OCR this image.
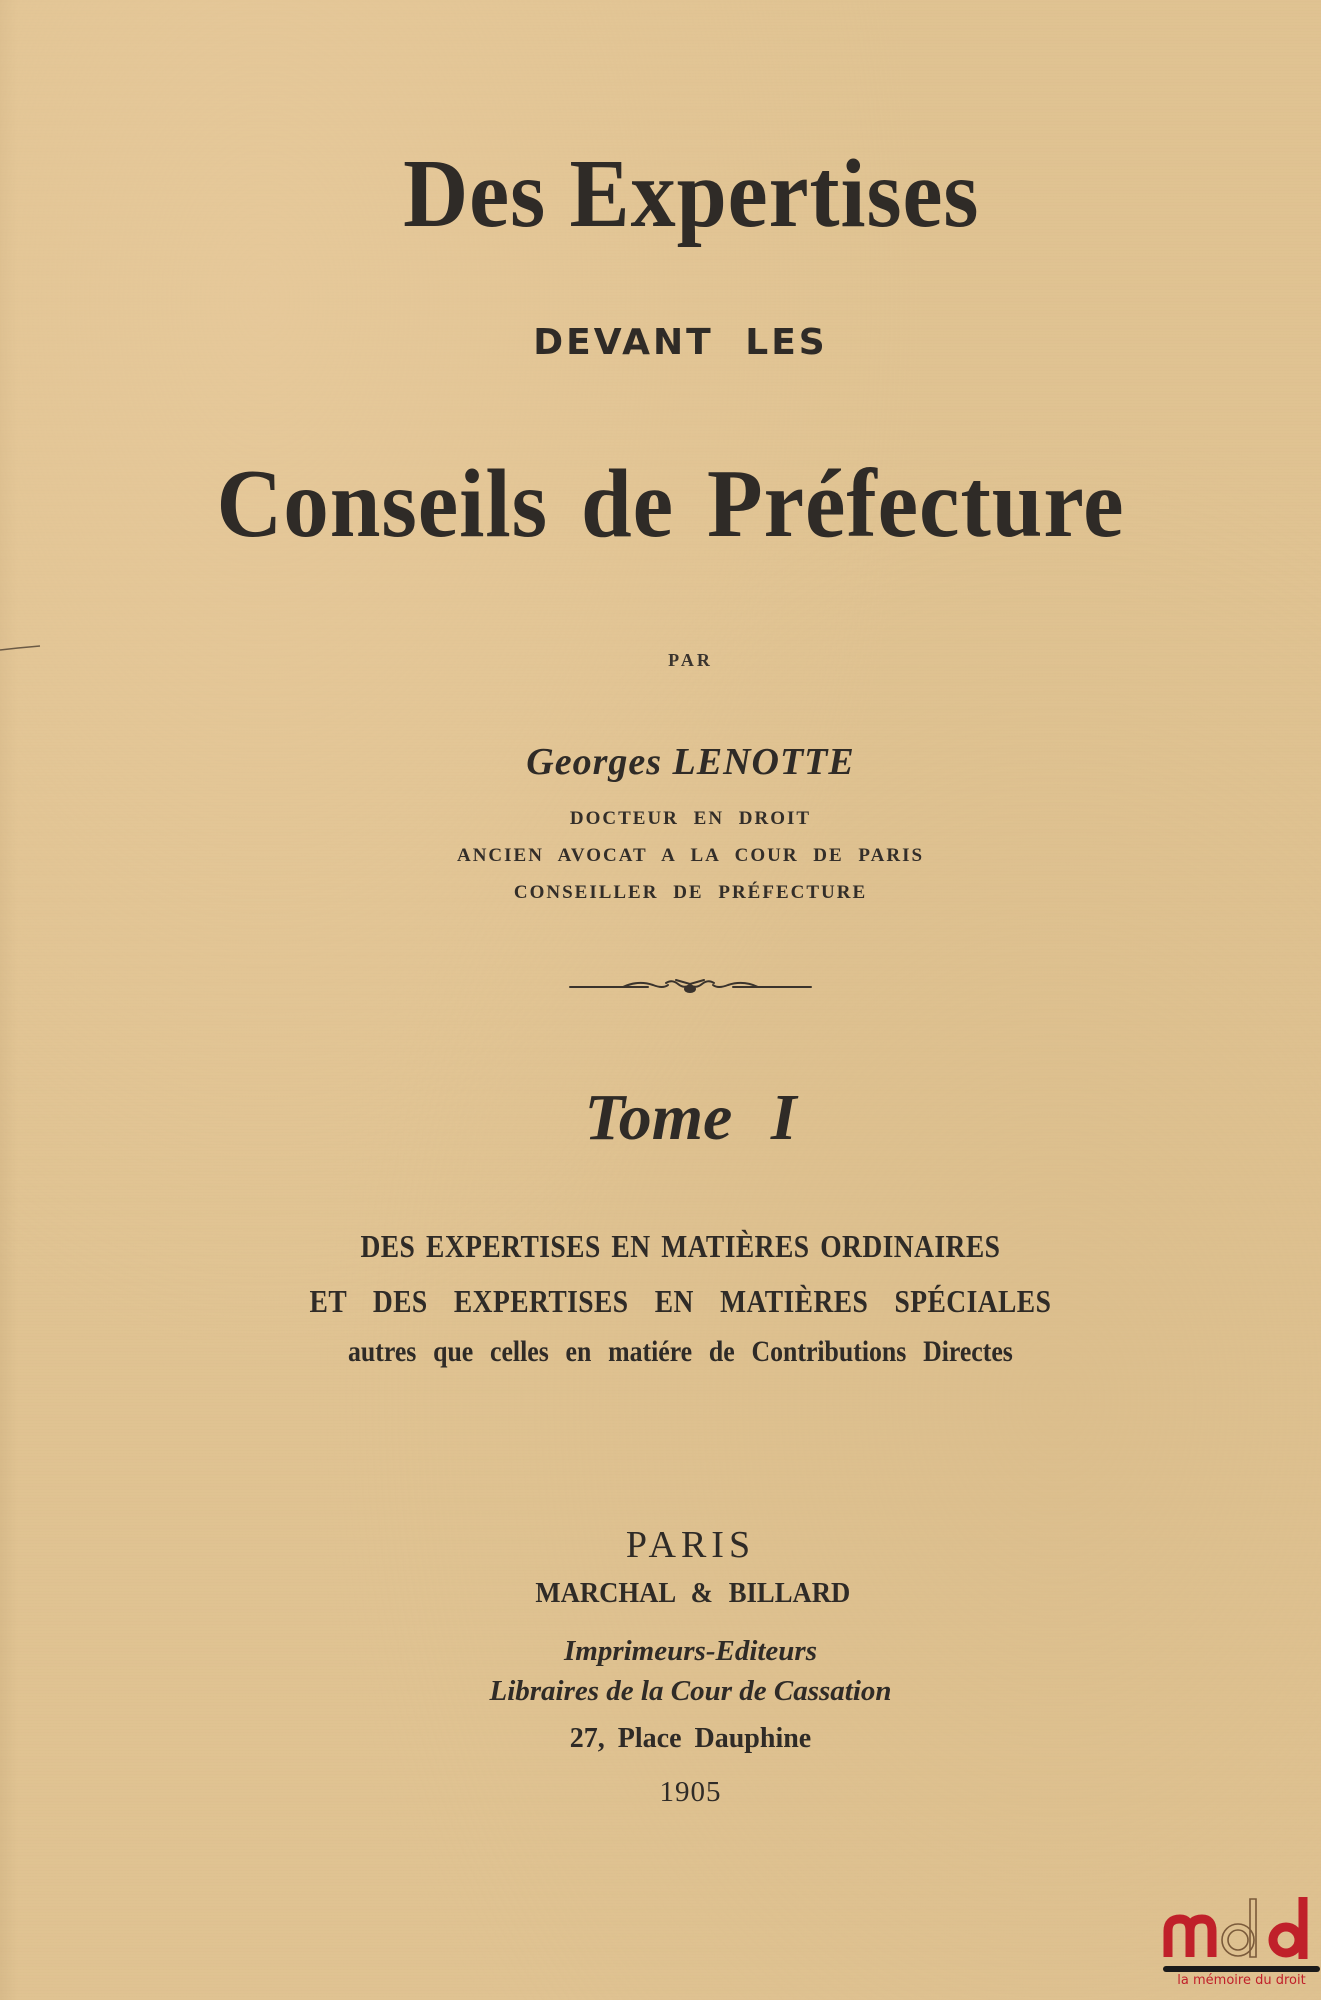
Des Expertises
DEVANT LES
Conseils de Préfecture
PAR
Georges LENOTTE
DOCTEUR EN DROIT
ANCIEN AVOCAT A LA COUR DE PARIS
CONSEILLER DE PRÉFECTURE
Tome I
DES EXPERTISES EN MATIÈRES ORDINAIRES
ET DES EXPERTISES EN MATIÈRES SPÉCIALES
autres que celles en matiére de Contributions Directes
PARIS
MARCHAL & BILLARD
Imprimeurs-Editeurs
Libraires de la Cour de Cassation
27, Place Dauphine
1905
la mémoire du droit
